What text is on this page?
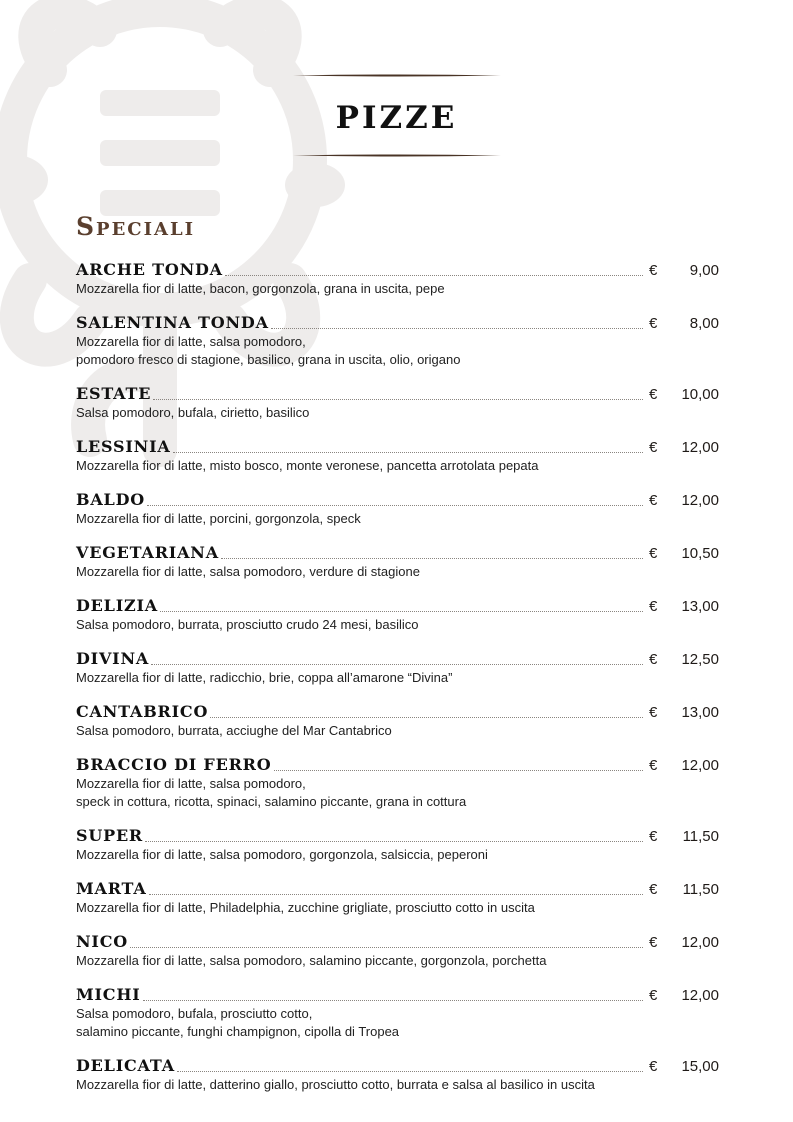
PIZZE
Speciali
ARCHE TONDA	€	9,00
Mozzarella fior di latte, bacon, gorgonzola, grana in uscita, pepe
SALENTINA TONDA	€	8,00
Mozzarella fior di latte, salsa pomodoro,
pomodoro fresco di stagione, basilico, grana in uscita, olio, origano
ESTATE	€	10,00
Salsa pomodoro, bufala, cirietto, basilico
LESSINIA	€	12,00
Mozzarella fior di latte, misto bosco, monte veronese, pancetta arrotolata pepata
BALDO	€	12,00
Mozzarella fior di latte, porcini, gorgonzola, speck
VEGETARIANA	€	10,50
Mozzarella fior di latte, salsa pomodoro, verdure di stagione
DELIZIA	€	13,00
Salsa pomodoro, burrata, prosciutto crudo 24 mesi, basilico
DIVINA	€	12,50
Mozzarella fior di latte, radicchio, brie, coppa all’amarone “Divina”
CANTABRICO	€	13,00
Salsa pomodoro, burrata, acciughe del Mar Cantabrico
BRACCIO DI FERRO	€	12,00
Mozzarella fior di latte, salsa pomodoro,
speck in cottura, ricotta, spinaci, salamino piccante, grana in cottura
SUPER	€	11,50
Mozzarella fior di latte, salsa pomodoro, gorgonzola, salsiccia, peperoni
MARTA	€	11,50
Mozzarella fior di latte, Philadelphia, zucchine grigliate, prosciutto cotto in uscita
NICO	€	12,00
Mozzarella fior di latte, salsa pomodoro, salamino piccante, gorgonzola, porchetta
MICHI	€	12,00
Salsa pomodoro, bufala, prosciutto cotto,
salamino piccante, funghi champignon, cipolla di Tropea
DELICATA	€	15,00
Mozzarella fior di latte, datterino giallo, prosciutto cotto, burrata e salsa al basilico in uscita
